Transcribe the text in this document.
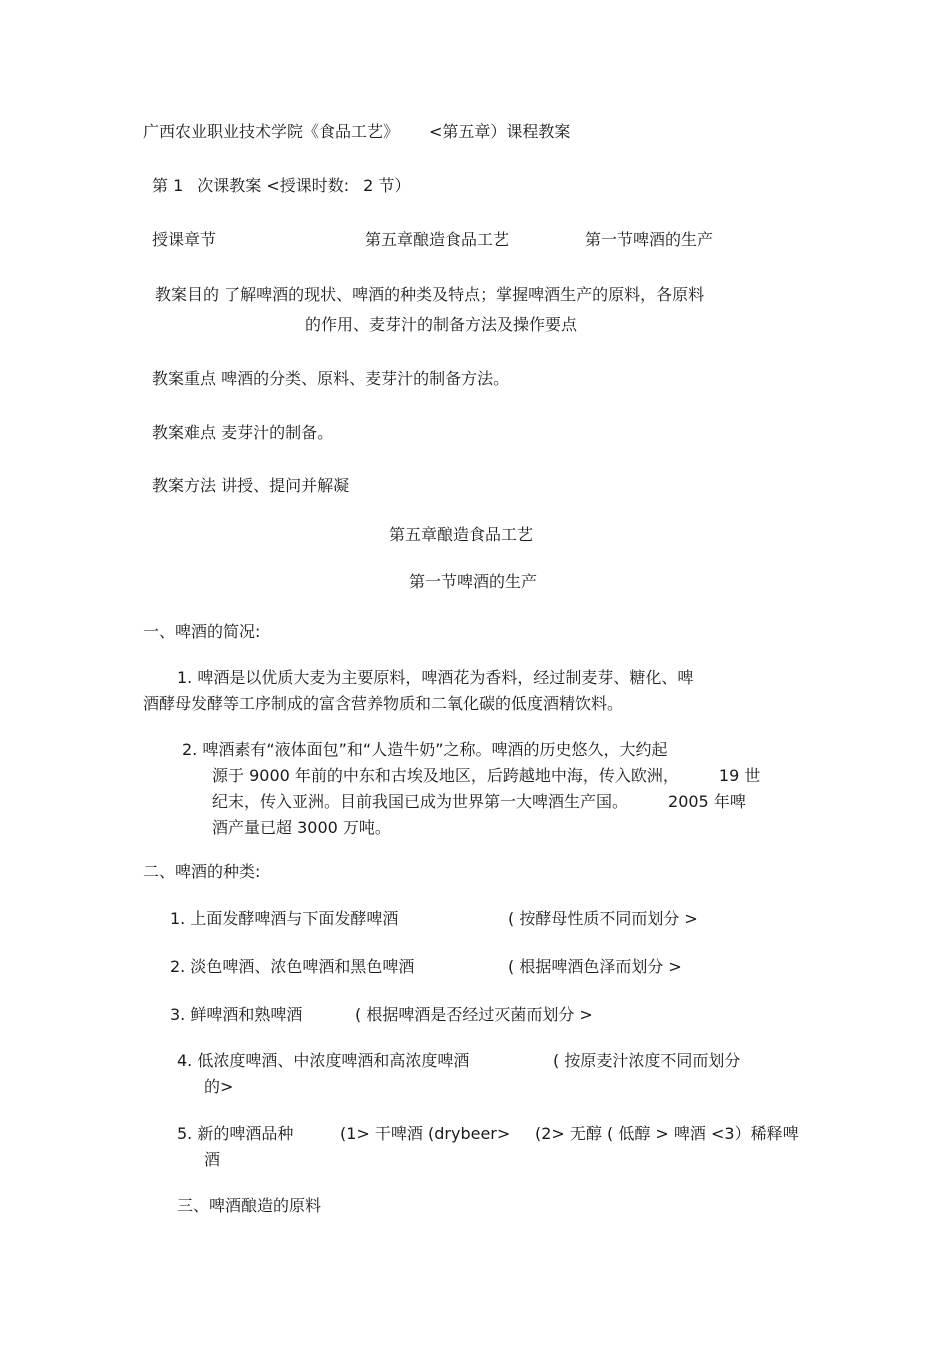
广西农业职业技术学院《食品工艺》 <第五章）课程教案
第 1 次课教案 <授课时数: 2 节）
授课章节	第五章酿造食品工艺	第一节啤酒的生产
教案目的 了解啤酒的现状、啤酒的种类及特点；掌握啤酒生产的原料，各原料
的作用、麦芽汁的制备方法及操作要点
教案重点 啤酒的分类、原料、麦芽汁的制备方法。
教案难点 麦芽汁的制备。
教案方法 讲授、提问并解凝
第五章酿造食品工艺
第一节啤酒的生产
一、啤酒的简况:
1. 啤酒是以优质大麦为主要原料，啤酒花为香料，经过制麦芽、糖化、啤
酒酵母发酵等工序制成的富含营养物质和二氧化碳的低度酒精饮料。
2. 啤酒素有“液体面包”和“人造牛奶”之称。啤酒的历史悠久，大约起
源于 9000 年前的中东和古埃及地区，后跨越地中海，传入欧洲，	19 世
纪末，传入亚洲。目前我国已成为世界第一大啤酒生产国。	2005 年啤
酒产量已超 3000 万吨。
二、啤酒的种类:
1. 上面发酵啤酒与下面发酵啤酒	( 按酵母性质不同而划分 >
2. 淡色啤酒、浓色啤酒和黑色啤酒	( 根据啤酒色泽而划分 >
3. 鲜啤酒和熟啤酒	( 根据啤酒是否经过灭菌而划分 >
4. 低浓度啤酒、中浓度啤酒和高浓度啤酒	( 按原麦汁浓度不同而划分
的>
5. 新的啤酒品种	(1> 干啤酒 (drybeer> (2> 无醇 ( 低醇 > 啤酒 <3）稀释啤
酒
三、啤酒酿造的原料
